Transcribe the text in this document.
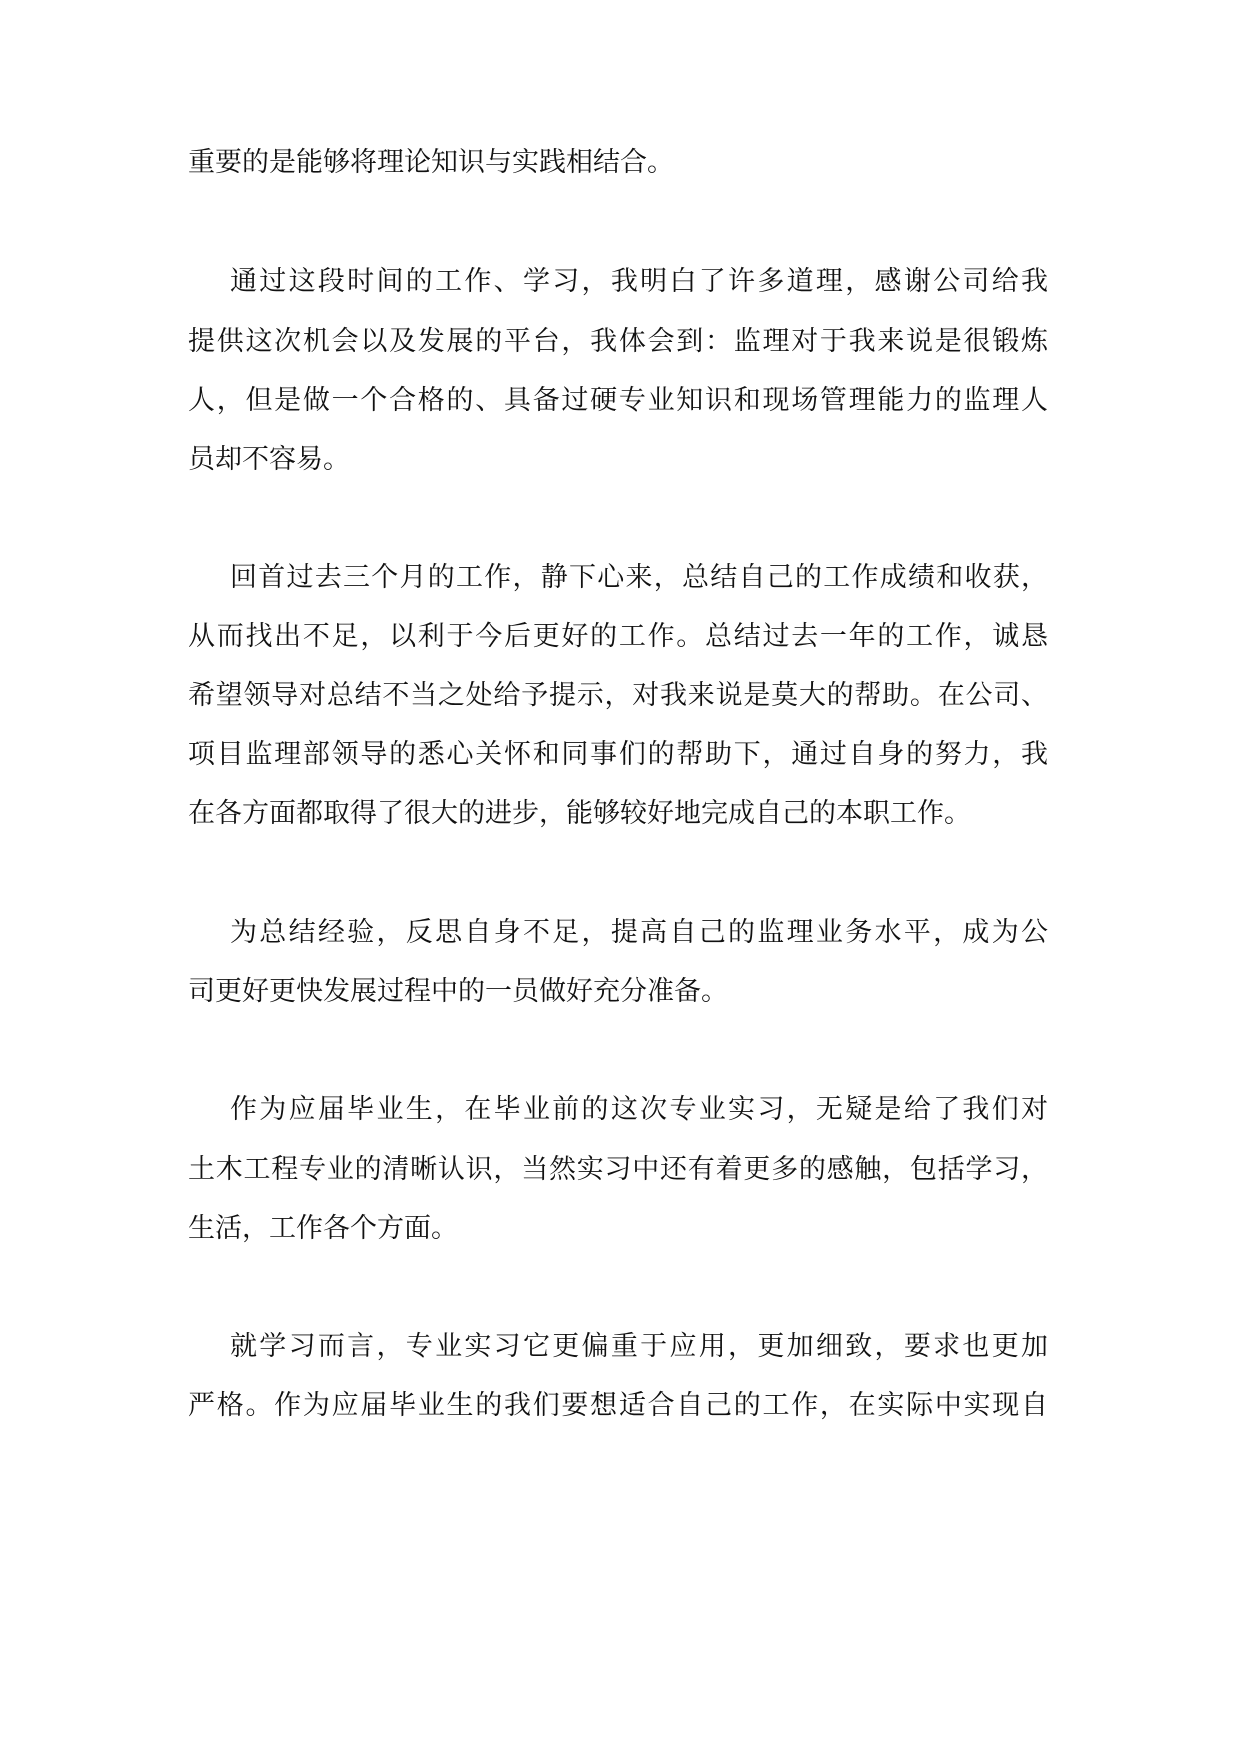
重要的是能够将理论知识与实践相结合。

通过这段时间的工作、学习，我明白了许多道理，感谢公司给我

提供这次机会以及发展的平台，我体会到：监理对于我来说是很锻炼

人，但是做一个合格的、具备过硬专业知识和现场管理能力的监理人

员却不容易。

回首过去三个月的工作，静下心来，总结自己的工作成绩和收获，

从而找出不足，以利于今后更好的工作。总结过去一年的工作，诚恳

希望领导对总结不当之处给予提示，对我来说是莫大的帮助。在公司、

项目监理部领导的悉心关怀和同事们的帮助下，通过自身的努力，我

在各方面都取得了很大的进步，能够较好地完成自己的本职工作。

为总结经验，反思自身不足，提高自己的监理业务水平，成为公

司更好更快发展过程中的一员做好充分准备。

作为应届毕业生，在毕业前的这次专业实习，无疑是给了我们对

土木工程专业的清晰认识，当然实习中还有着更多的感触，包括学习，

生活，工作各个方面。

就学习而言，专业实习它更偏重于应用，更加细致，要求也更加

严格。作为应届毕业生的我们要想适合自己的工作，在实际中实现自
